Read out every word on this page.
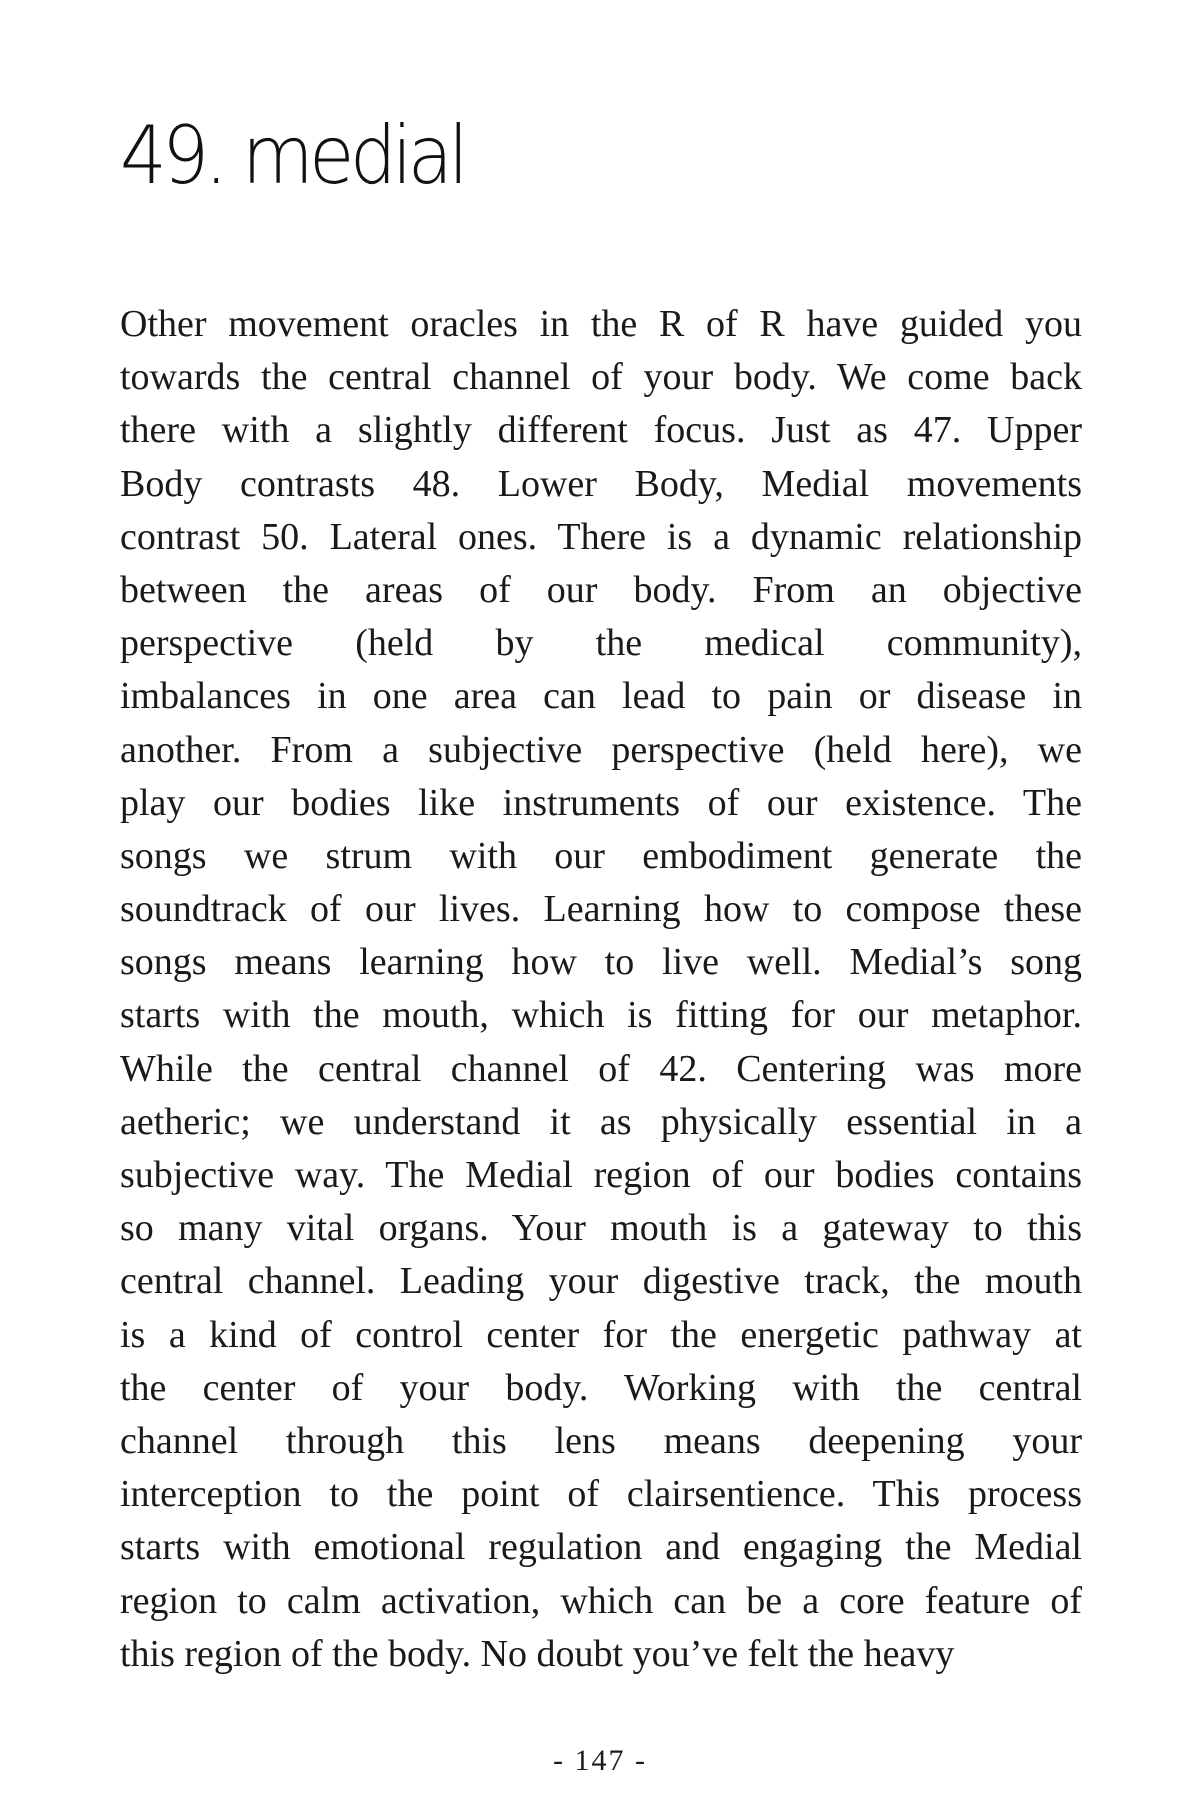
49. medial
Other movement oracles in the R of R have guided you
towards the central channel of your body. We come back
there with a slightly different focus. Just as 47. Upper
Body contrasts 48. Lower Body, Medial movements
contrast 50. Lateral ones. There is a dynamic relationship
between the areas of our body. From an objective
perspective (held by the medical community),
imbalances in one area can lead to pain or disease in
another. From a subjective perspective (held here), we
play our bodies like instruments of our existence. The
songs we strum with our embodiment generate the
soundtrack of our lives. Learning how to compose these
songs means learning how to live well. Medial’s song
starts with the mouth, which is fitting for our metaphor.
While the central channel of 42. Centering was more
aetheric; we understand it as physically essential in a
subjective way. The Medial region of our bodies contains
so many vital organs. Your mouth is a gateway to this
central channel. Leading your digestive track, the mouth
is a kind of control center for the energetic pathway at
the center of your body. Working with the central
channel through this lens means deepening your
interception to the point of clairsentience. This process
starts with emotional regulation and engaging the Medial
region to calm activation, which can be a core feature of
this region of the body. No doubt you’ve felt the heavy
- 147 -
